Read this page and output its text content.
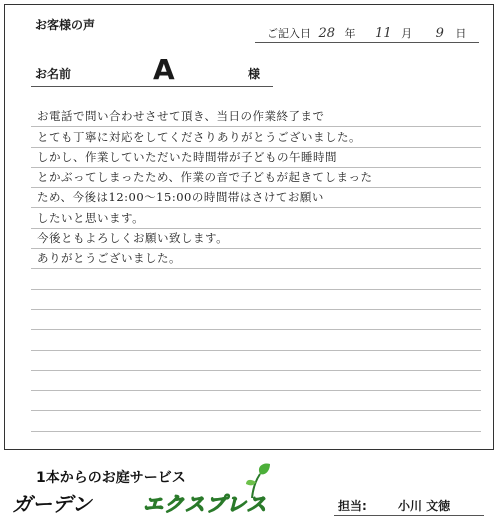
お客様の声
ご記入日 28 年 11 月 9 日
お名前	A	様
お電話で問い合わせさせて頂き、当日の作業終了まで
とても丁寧に対応をしてくださりありがとうございました。
しかし、作業していただいた時間帯が子どもの午睡時間
とかぶってしまったため、作業の音で子どもが起きてしまった
ため、今後は12:00～15:00の時間帯はさけてお願い
したいと思います。
今後ともよろしくお願い致します。
ありがとうございました。
1本からのお庭サービス
ガーデン	エクスプレス	担当:	小川 文徳
